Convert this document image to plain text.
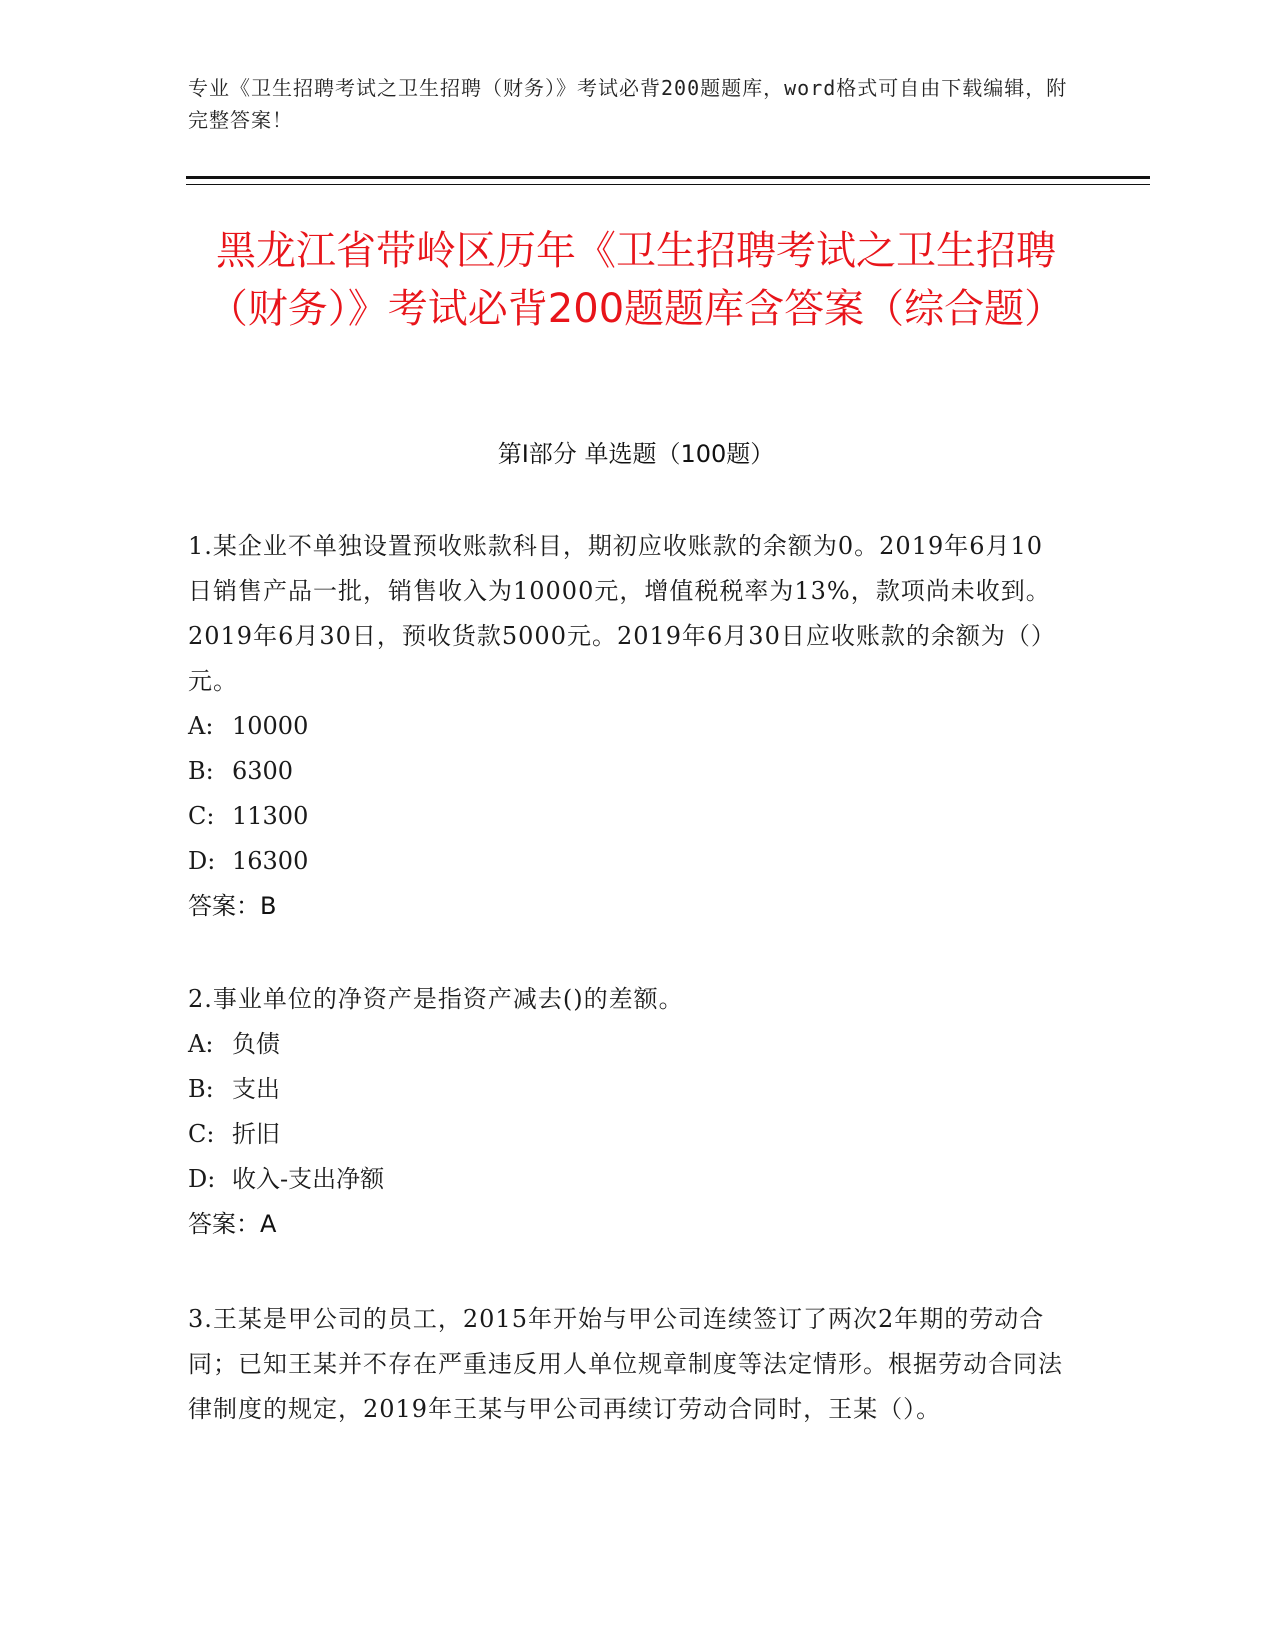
专业《卫生招聘考试之卫生招聘（财务）》考试必背200题题库，word格式可自由下载编辑，附完整答案！
黑龙江省带岭区历年《卫生招聘考试之卫生招聘（财务）》考试必背200题题库含答案（综合题）
第Ⅰ部分 单选题（100题）

1.某企业不单独设置预收账款科目，期初应收账款的余额为0。2019年6月10日销售产品一批，销售收入为10000元，增值税税率为13%，款项尚未收到。2019年6月30日，预收货款5000元。2019年6月30日应收账款的余额为（）元。

A: 10000

B: 6300

C: 11300

D: 16300

答案：B

2.事业单位的净资产是指资产减去()的差额。

A: 负债

B: 支出

C: 折旧

D: 收入-支出净额

答案：A

3.王某是甲公司的员工，2015年开始与甲公司连续签订了两次2年期的劳动合同；已知王某并不存在严重违反用人单位规章制度等法定情形。根据劳动合同法律制度的规定，2019年王某与甲公司再续订劳动合同时，王某（）。
